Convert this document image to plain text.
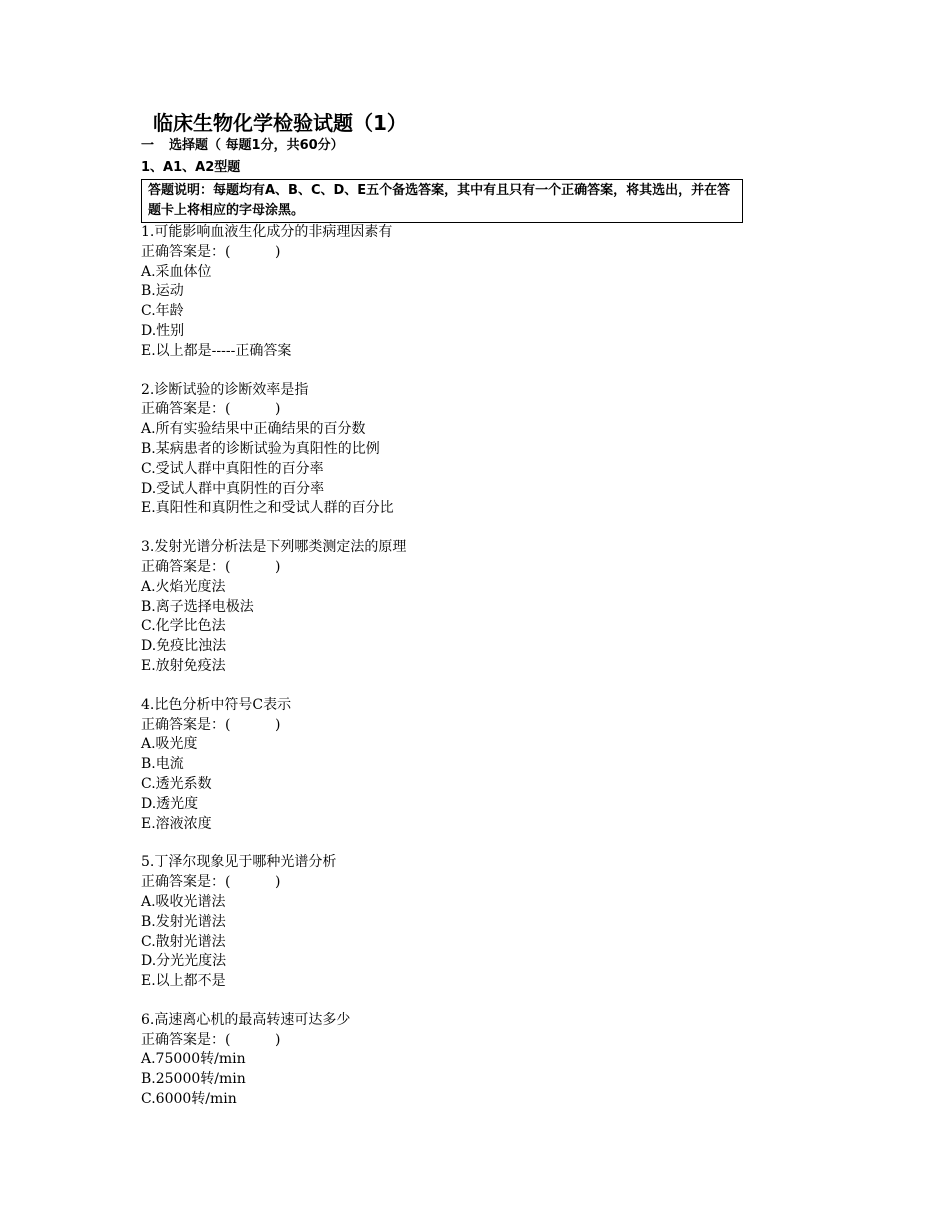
临床生物化学检验试题（1）
一	选择题（ 每题1分，共60分）
1、A1、A2型题
答题说明：每题均有A、B、C、D、E五个备选答案，其中有且只有一个正确答案，将其选出，并在答题卡上将相应的字母涂黑。
1.可能影响血液生化成分的非病理因素有
正确答案是：(          )
A.采血体位
B.运动
C.年龄
D.性别
E.以上都是-----正确答案
2.诊断试验的诊断效率是指
正确答案是：(          )
A.所有实验结果中正确结果的百分数
B.某病患者的诊断试验为真阳性的比例
C.受试人群中真阳性的百分率
D.受试人群中真阴性的百分率
E.真阳性和真阴性之和受试人群的百分比
3.发射光谱分析法是下列哪类测定法的原理
正确答案是：(          )
A.火焰光度法
B.离子选择电极法
C.化学比色法
D.免疫比浊法
E.放射免疫法
4.比色分析中符号C表示
正确答案是：(          )
A.吸光度
B.电流
C.透光系数
D.透光度
E.溶液浓度
5.丁泽尔现象见于哪种光谱分析
正确答案是：(          )
A.吸收光谱法
B.发射光谱法
C.散射光谱法
D.分光光度法
E.以上都不是
6.高速离心机的最高转速可达多少
正确答案是：(          )
A.75000转/min
B.25000转/min
C.6000转/min
